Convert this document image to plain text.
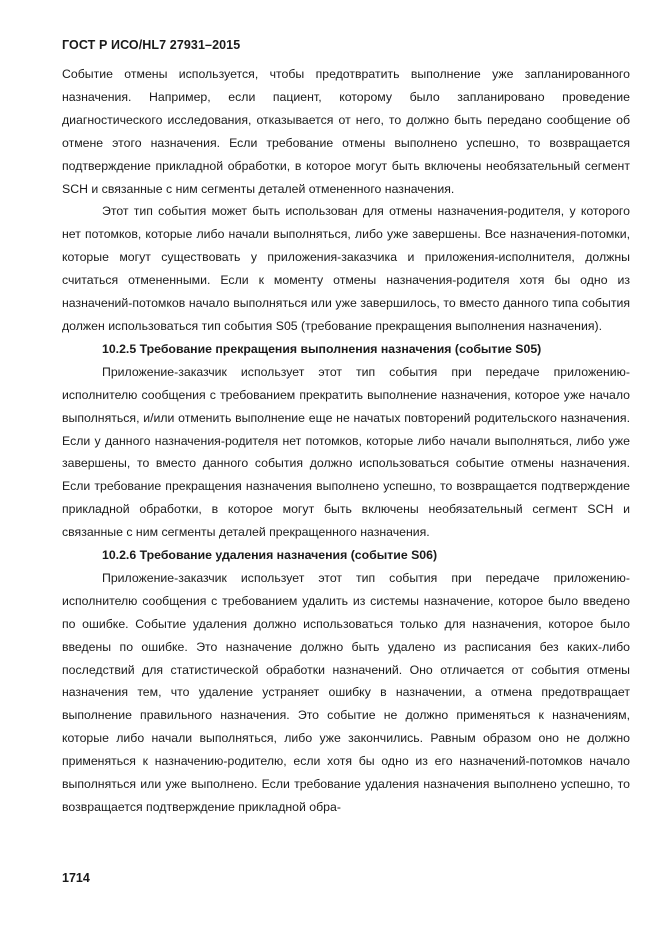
ГОСТ Р ИСО/HL7 27931–2015

Событие отмены используется, чтобы предотвратить выполнение уже запланированного назначения. Например, если пациент, которому было запланировано проведение диагностического исследования, отказывается от него, то должно быть передано сообщение об отмене этого назначения. Если требование отмены выполнено успешно, то возвращается подтверждение прикладной обработки, в которое могут быть включены необязательный сегмент SCH и связанные с ним сегменты деталей отмененного назначения.

Этот тип события может быть использован для отмены назначения-родителя, у которого нет потомков, которые либо начали выполняться, либо уже завершены. Все назначения-потомки, которые могут существовать у приложения-заказчика и приложения-исполнителя, должны считаться отмененными. Если к моменту отмены назначения-родителя хотя бы одно из назначений-потомков начало выполняться или уже завершилось, то вместо данного типа события должен использоваться тип события S05 (требование прекращения выполнения назначения).

10.2.5 Требование прекращения выполнения назначения (событие S05)

Приложение-заказчик использует этот тип события при передаче приложению-исполнителю сообщения с требованием прекратить выполнение назначения, которое уже начало выполняться, и/или отменить выполнение еще не начатых повторений родительского назначения. Если у данного назначения-родителя нет потомков, которые либо начали выполняться, либо уже завершены, то вместо данного события должно использоваться событие отмены назначения. Если требование прекращения назначения выполнено успешно, то возвращается подтверждение прикладной обработки, в которое могут быть включены необязательный сегмент SCH и связанные с ним сегменты деталей прекращенного назначения.

10.2.6 Требование удаления назначения (событие S06)

Приложение-заказчик использует этот тип события при передаче приложению-исполнителю сообщения с требованием удалить из системы назначение, которое было введено по ошибке. Событие удаления должно использоваться только для назначения, которое было введены по ошибке. Это назначение должно быть удалено из расписания без каких-либо последствий для статистической обработки назначений. Оно отличается от события отмены назначения тем, что удаление устраняет ошибку в назначении, а отмена предотвращает выполнение правильного назначения. Это событие не должно применяться к назначениям, которые либо начали выполняться, либо уже закончились. Равным образом оно не должно применяться к назначению-родителю, если хотя бы одно из его назначений-потомков начало выполняться или уже выполнено. Если требование удаления назначения выполнено успешно, то возвращается подтверждение прикладной обра-

1714
